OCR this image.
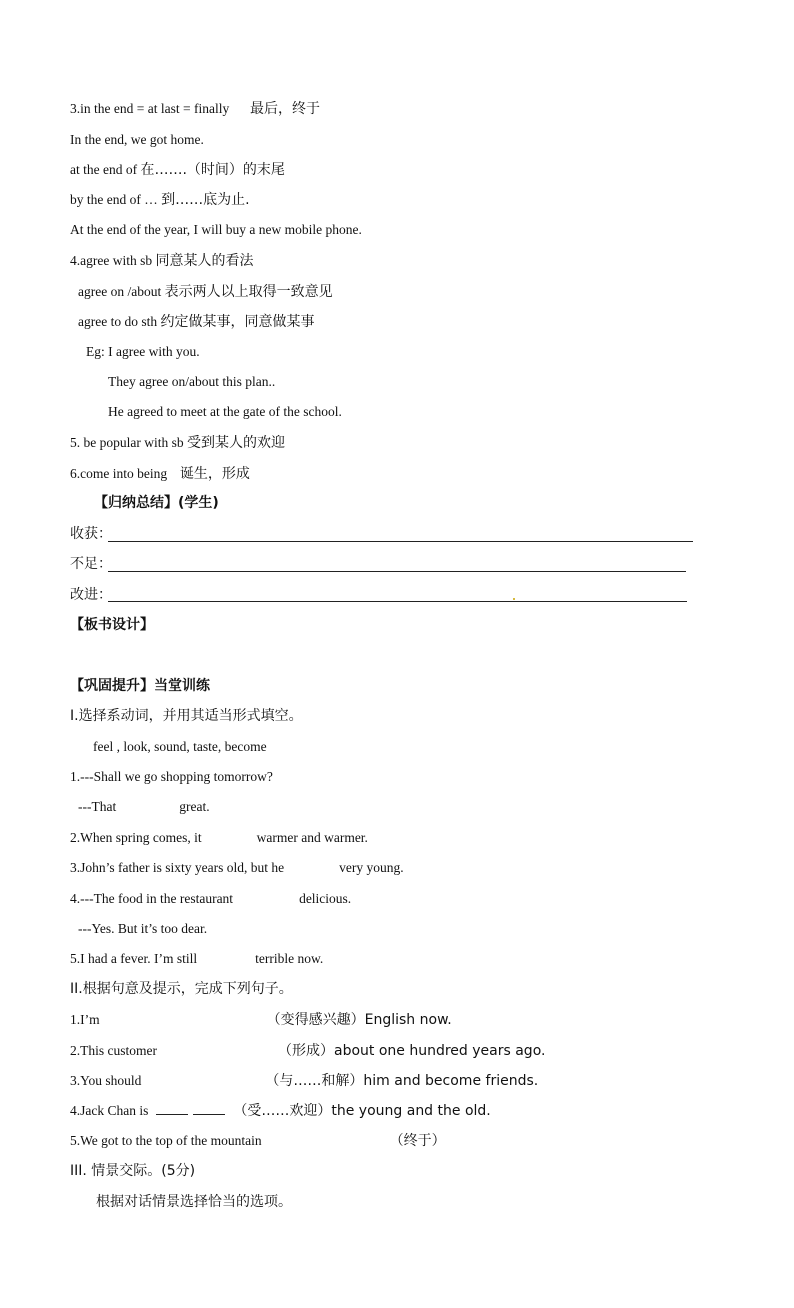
3.in the end = at last = finally 最后，终于
In the end, we got home.
at the end of 在…….（时间）的末尾
by the end of … 到……底为止.
At the end of the year, I will buy a new mobile phone.
4.agree with sb 同意某人的看法
agree on /about 表示两人以上取得一致意见
agree to do sth 约定做某事，同意做某事
Eg: I agree with you.
They agree on/about this plan..
He agreed to meet at the gate of the school.
5. be popular with sb 受到某人的欢迎
6.come into being 诞生，形成
【归纳总结】(学生)
收获：
不足：
改进：
【板书设计】
【巩固提升】当堂训练
I.选择系动词，并用其适当形式填空。
feel , look, sound, taste, become
1.---Shall we go shopping tomorrow?
---That	great.
2.When spring comes, it	warmer and warmer.
3.John’s father is sixty years old, but he	very young.
4.---The food in the restaurant	delicious.
---Yes. But it’s too dear.
5.I had a fever. I’m still	terrible now.
II.根据句意及提示，完成下列句子。
1.I’m	（变得感兴趣）English now.
2.This customer	（形成）about one hundred years ago.
3.You should	（与……和解）him and become friends.
4.Jack Chan is	（受……欢迎）the young and the old.
5.We got to the top of the mountain	（终于）
III. 情景交际。(5分)
根据对话情景选择恰当的选项。
